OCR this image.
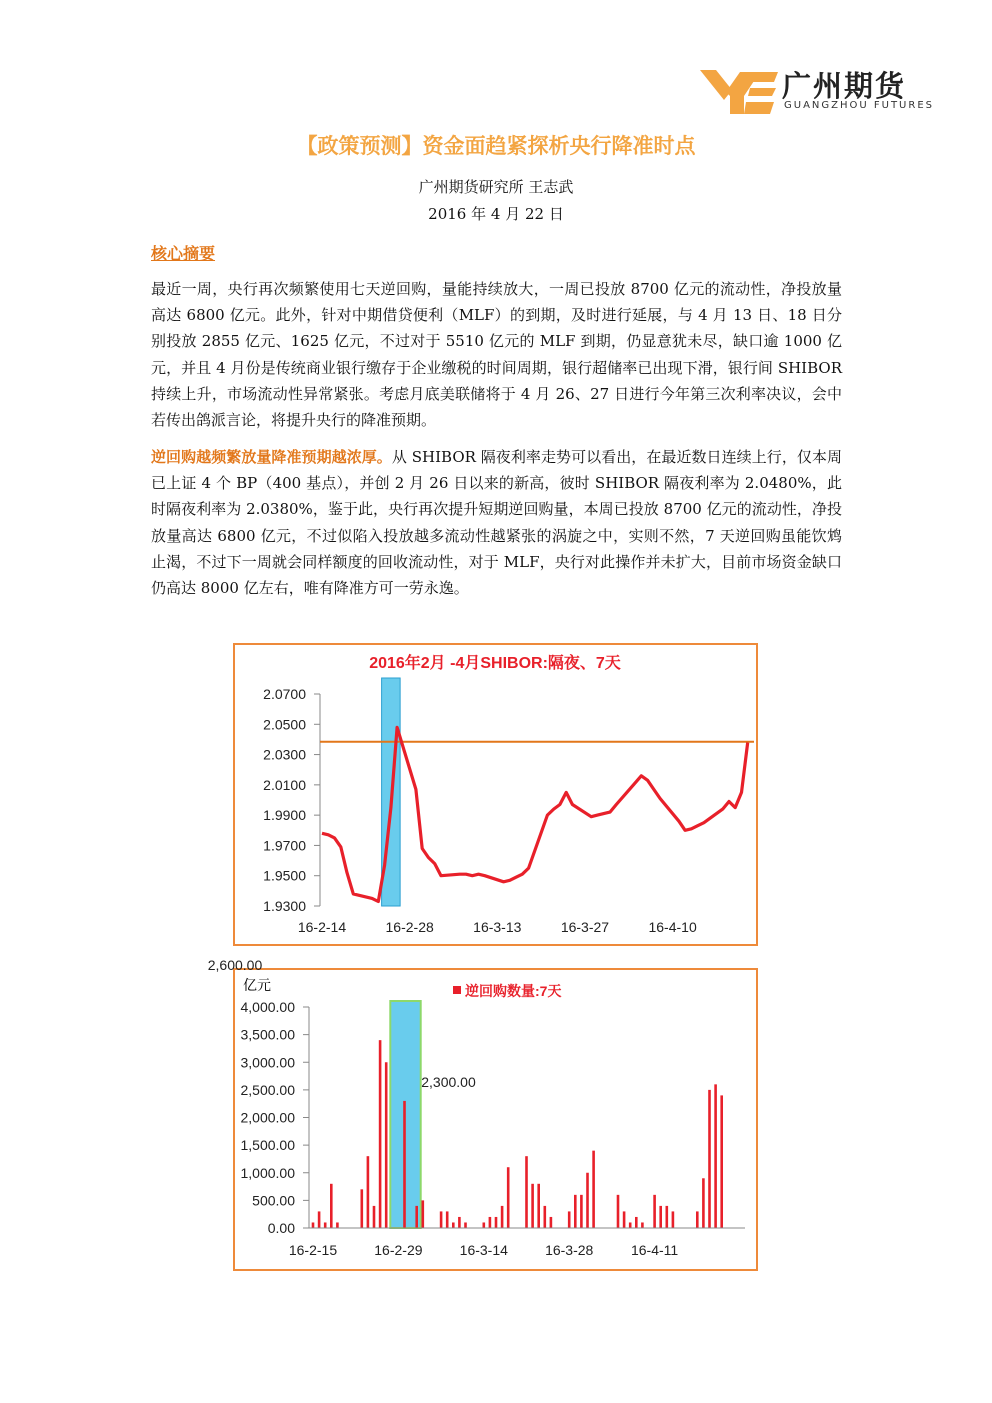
广州期货
GUANGZHOU FUTURES
【政策预测】资金面趋紧探析央行降准时点
广州期货研究所 王志武
2016 年 4 月 22 日
核心摘要
最近一周，央行再次频繁使用七天逆回购，量能持续放大，一周已投放 8700 亿元的流动性，净投放量高达 6800 亿元。此外，针对中期借贷便利（MLF）的到期，及时进行延展，与 4 月 13 日、18 日分别投放 2855 亿元、1625 亿元，不过对于 5510 亿元的 MLF 到期，仍显意犹未尽，缺口逾 1000 亿元，并且 4 月份是传统商业银行缴存于企业缴税的时间周期，银行超储率已出现下滑，银行间 SHIBOR 持续上升，市场流动性异常紧张。考虑月底美联储将于 4 月 26、27 日进行今年第三次利率决议，会中若传出鸽派言论，将提升央行的降准预期。
逆回购越频繁放量降准预期越浓厚。从 SHIBOR 隔夜利率走势可以看出，在最近数日连续上行，仅本周已上证 4 个 BP（400 基点），并创 2 月 26 日以来的新高，彼时 SHIBOR 隔夜利率为 2.0480%，此时隔夜利率为 2.0380%，鉴于此，央行再次提升短期逆回购量，本周已投放 8700 亿元的流动性，净投放量高达 6800 亿元，不过似陷入投放越多流动性越紧张的涡旋之中，实则不然，7 天逆回购虽能饮鸩止渴，不过下一周就会同样额度的回收流动性，对于 MLF，央行对此操作并未扩大，目前市场资金缺口仍高达 8000 亿左右，唯有降准方可一劳永逸。
2016年2月 -4月SHIBOR:隔夜、7天
2.0700
2.0500
2.0300
2.0100
1.9900
1.9700
1.9500
1.9300
16-2-14	16-2-28	16-3-13	16-3-27	16-4-10
亿元	逆回购数量:7天
4,000.00
3,500.00
3,000.00
2,500.00
2,000.00
1,500.00
1,000.00
500.00
0.00
16-2-15	16-2-29	16-3-14	16-3-28	16-4-11
2,300.00
2,600.00
